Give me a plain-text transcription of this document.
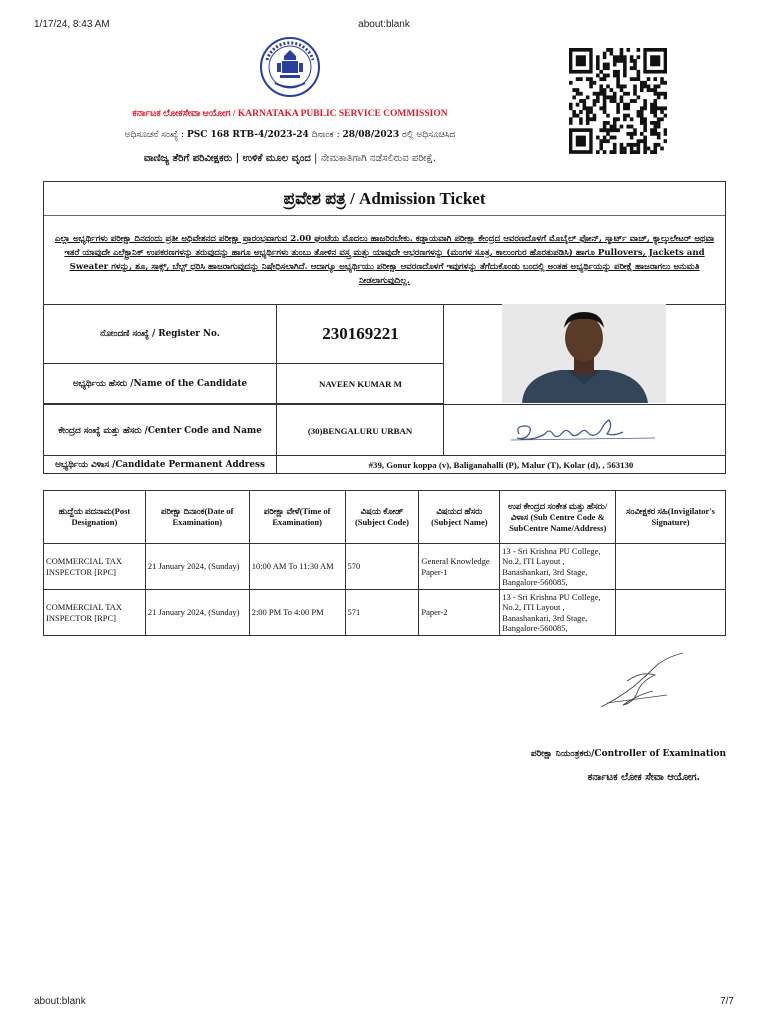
1/17/24, 8:43 AM	about:blank
about:blank	7/7
ಕರ್ನಾಟಕ ಲೋಕಸೇವಾ ಆಯೋಗ / KARNATAKA PUBLIC SERVICE COMMISSION
ಅಧಿಸೂಚನೆ ಸಂಖ್ಯೆ : PSC 168 RTB-4/2023-24 ದಿನಾಂಕ : 28/08/2023 ರಲ್ಲಿ ಅಧಿಸೂಚಿಸಿದ
ವಾಣಿಜ್ಯ ತೆರಿಗೆ ಪರಿವೀಕ್ಷಕರು | ಉಳಿಕೆ ಮೂಲ ವೃಂದ | ನೇಮಕಾತಿಗಾಗಿ ನಡೆಸಲಿರುವ ಪರೀಕ್ಷೆ.
ಪ್ರವೇಶ ಪತ್ರ / Admission Ticket
ಎಲ್ಲಾ ಅಭ್ಯರ್ಥಿಗಳು ಪರೀಕ್ಷಾ ದಿನದಂದು ಪ್ರತೀ ಅಧಿವೇಶನದ ಪರೀಕ್ಷಾ ಪ್ರಾರಂಭವಾಗುವ 2.00 ಘಂಟೆಯ ಮೊದಲು ಹಾಜರಿರಬೇಕು. ಕಡ್ಡಾಯವಾಗಿ ಪರೀಕ್ಷಾ ಕೇಂದ್ರದ ಆವರಣದೊಳಗೆ ಮೊಬೈಲ್ ಫೋನ್, ಸ್ಮಾರ್ಟ್ ವಾಚ್, ಕ್ಯಾಲ್ಕುಲೇಟರ್ ಅಥವಾ ಇತರೆ ಯಾವುದೇ ಎಲೆಕ್ಟ್ರಾನಿಕ್ ಉಪಕರಣಗಳನ್ನು ತರುವುದನ್ನು ಹಾಗೂ ಅಭ್ಯರ್ಥಿಗಳು ತುಂಬು ತೋಳಿನ ವಸ್ತ್ರ ಮತ್ತು ಯಾವುದೇ ಆಭರಣಗಳನ್ನು (ಮಂಗಳ ಸೂತ್ರ, ಕಾಲುಂಗುರ ಹೊರತುಪಡಿಸಿ) ಹಾಗೂ Pullovers, Jackets and Sweater ಗಳನ್ನು, ಶೂ, ಸಾಕ್ಸ್, ಬೆಲ್ಟ್ ಧರಿಸಿ ಹಾಜರಾಗುವುದನ್ನು ನಿಷೇಧಿಸಲಾಗಿದೆ. ಆದಾಗ್ಯೂ ಅಭ್ಯರ್ಥಿಯು ಪರೀಕ್ಷಾ ಆವರಣದೊಳಗೆ ಇವುಗಳನ್ನು ತೆಗೆದುಕೊಂಡು ಬಂದಲ್ಲಿ ಅಂತಹ ಅಭ್ಯರ್ಥಿಯನ್ನು ಪರೀಕ್ಷೆ ಹಾಜರಾಗಲು ಅನುಮತಿ ನೀಡಲಾಗುವುದಿಲ್ಲ.
ನೋಂದಣಿ ಸಂಖ್ಯೆ / Register No.	230169221
ಅಭ್ಯರ್ಥಿಯ ಹೆಸರು /Name of the Candidate	NAVEEN KUMAR M
ಕೇಂದ್ರದ ಸಂಖ್ಯೆ ಮತ್ತು ಹೆಸರು /Center Code and Name	(30)BENGALURU URBAN
ಅಭ್ಯರ್ಥಿಯ ವಿಳಾಸ /Candidate Permanent Address	#39, Gonur koppa (v), Baliganahalli (P), Malur (T), Kolar (d), , 563130
ಹುದ್ದೆಯ ಪದನಾಮ(Post Designation)	ಪರೀಕ್ಷಾ ದಿನಾಂಕ(Date of Examination)	ಪರೀಕ್ಷಾ ವೇಳೆ(Time of Examination)	ವಿಷಯ ಕೋಡ್ (Subject Code)	ವಿಷಯದ ಹೆಸರು (Subject Name)	ಉಪ ಕೇಂದ್ರದ ಸಂಕೇತ ಮತ್ತು ಹೆಸರು/ವಿಳಾಸ (Sub Centre Code & SubCentre Name/Address)	ಸಂವೀಕ್ಷಕರ ಸಹಿ(Invigilator's Signature)
COMMERCIAL TAX INSPECTOR [RPC]	21 January 2024, (Sunday)	10:00 AM To 11:30 AM	570	General Knowledge Paper-1	13 - Sri Krishna PU College, No.2, ITI Layout , Banashankari, 3rd Stage, Bangalore-560085,	
COMMERCIAL TAX INSPECTOR [RPC]	21 January 2024, (Sunday)	2:00 PM To 4:00 PM	571	Paper-2	13 - Sri Krishna PU College, No.2, ITI Layout , Banashankari, 3rd Stage, Bangalore-560085,	
ಪರೀಕ್ಷಾ ನಿಯಂತ್ರಕರು/Controller of Examination
ಕರ್ನಾಟಕ ಲೋಕ ಸೇವಾ ಆಯೋಗ.
